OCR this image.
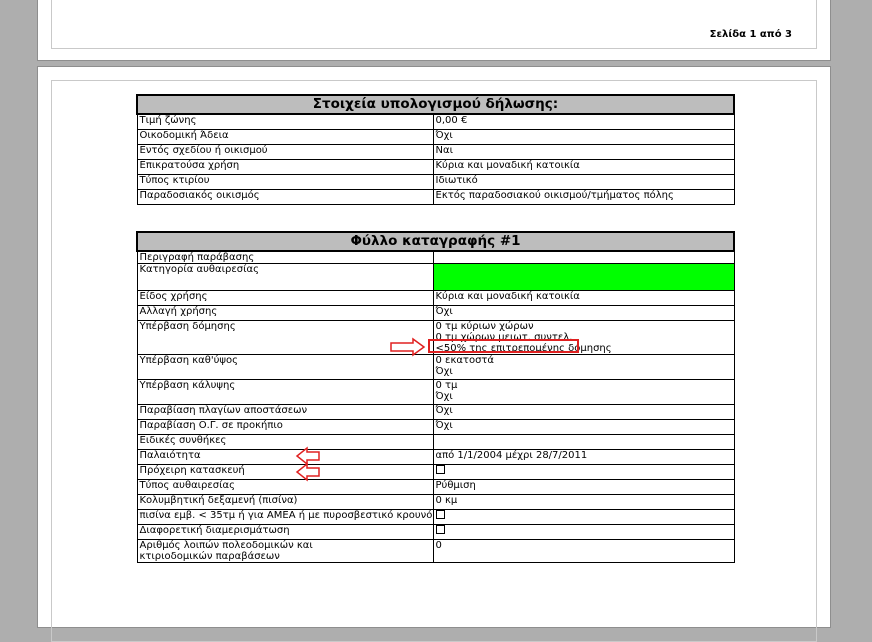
Σελίδα 1 από 3
Στοιχεία υπολογισμού δήλωσης:	
Τιμή ζώνης	0,00 €
Οικοδομική Άδεια	Όχι
Εντός σχεδίου ή οικισμού	Ναι
Επικρατούσα χρήση	Κύρια και μοναδική κατοικία
Τύπος κτιρίου	Ιδιωτικό
Παραδοσιακός οικισμός	Εκτός παραδοσιακού οικισμού/τμήματος πόλης
Φύλλο καταγραφής #1	
Περιγραφή παράβασης	
Κατηγορία αυθαιρεσίας	
Είδος χρήσης	Κύρια και μοναδική κατοικία
Αλλαγή χρήσης	Όχι
Υπέρβαση δόμησης	0 τμ κύριων χώρων
0 τμ χώρων μειωτ. συντελ.
<50% της επιτρεπομένης δόμησης
Υπέρβαση καθ'ύψος	0 εκατοστά
Όχι
Υπέρβαση κάλυψης	0 τμ
Όχι
Παραβίαση πλαγίων αποστάσεων	Όχι
Παραβίαση Ο.Γ. σε προκήπιο	Όχι
Ειδικές συνθήκες	
Παλαιότητα	από 1/1/2004 μέχρι 28/7/2011
Πρόχειρη κατασκευή	
Τύπος αυθαιρεσίας	Ρύθμιση
Κολυμβητική δεξαμενή (πισίνα)	0 κμ
πισίνα εμβ. < 35τμ ή για ΑΜΕΑ ή με πυροσβεστικό κρουνό	
Διαφορετική διαμερισμάτωση	
Αριθμός λοιπών πολεοδομικών και
κτιριοδομικών παραβάσεων	0
